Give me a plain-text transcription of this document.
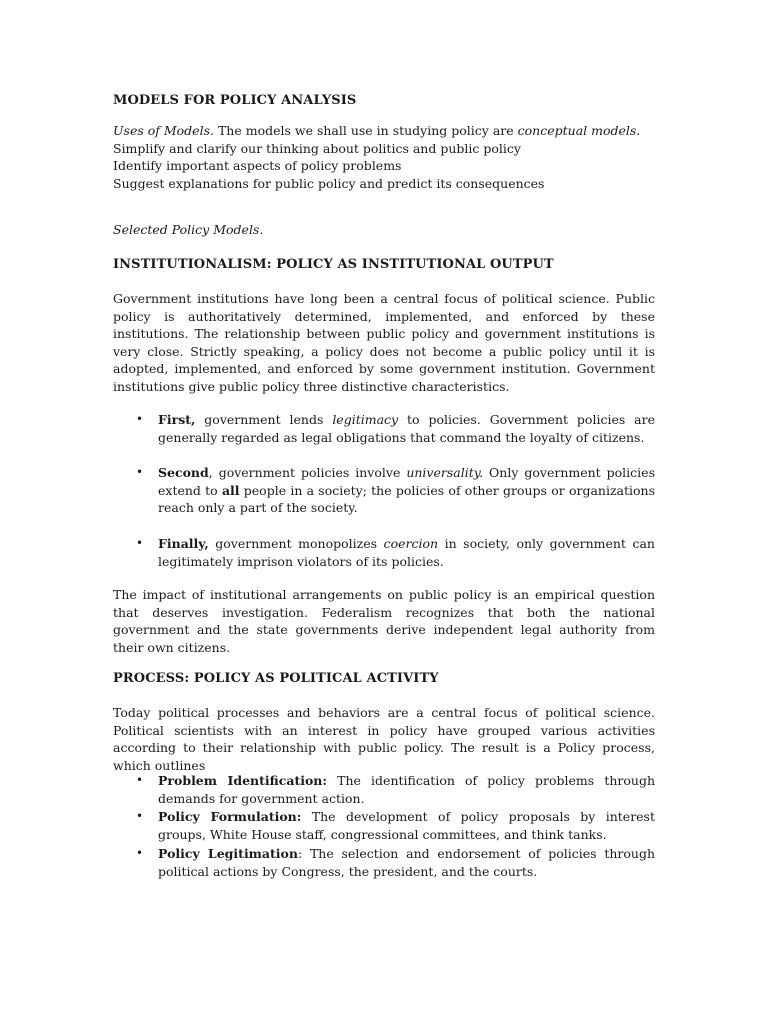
MODELS FOR POLICY ANALYSIS
Uses of Models. The models we shall use in studying policy are conceptual models.
Simplify and clarify our thinking about politics and public policy
Identify important aspects of policy problems
Suggest explanations for public policy and predict its consequences
Selected Policy Models.
INSTITUTIONALISM: POLICY AS INSTITUTIONAL OUTPUT
Government institutions have long been a central focus of political science. Public policy is authoritatively determined, implemented, and enforced by these institutions. The relationship between public policy and government institutions is very close. Strictly speaking, a policy does not become a public policy until it is adopted, implemented, and enforced by some government institution. Government institutions give public policy three distinctive characteristics.
• First, government lends legitimacy to policies. Government policies are generally regarded as legal obligations that command the loyalty of citizens.
• Second, government policies involve universality. Only government policies extend to all people in a society; the policies of other groups or organizations reach only a part of the society.
• Finally, government monopolizes coercion in society, only government can legitimately imprison violators of its policies.
The impact of institutional arrangements on public policy is an empirical question that deserves investigation. Federalism recognizes that both the national government and the state governments derive independent legal authority from their own citizens.
PROCESS: POLICY AS POLITICAL ACTIVITY
Today political processes and behaviors are a central focus of political science. Political scientists with an interest in policy have grouped various activities according to their relationship with public policy. The result is a Policy process, which outlines
• Problem Identification: The identification of policy problems through demands for government action.
• Policy Formulation: The development of policy proposals by interest groups, White House staff, congressional committees, and think tanks.
• Policy Legitimation: The selection and endorsement of policies through political actions by Congress, the president, and the courts.
